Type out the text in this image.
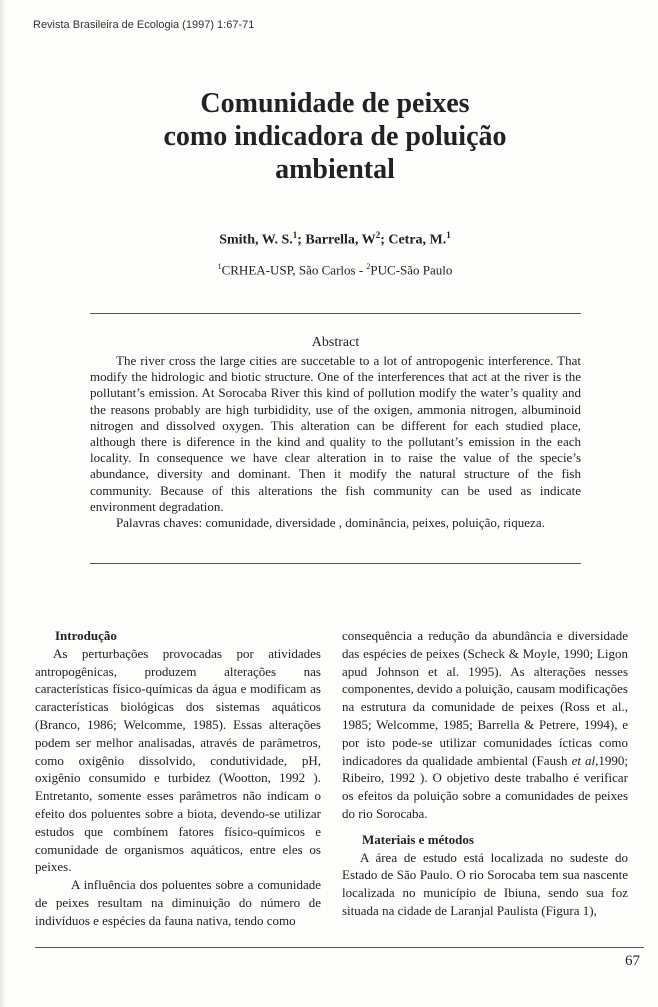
Revista Brasileira de Ecologia (1997) 1:67-71
Comunidade de peixes
como indicadora de poluição
ambiental
Smith, W. S.$^1$; Barrella, $W^2$; Cetra, M.$^1$
$^1$CRHEA-USP, São Carlos - $^2$PUC-São Paulo
Abstract

The river cross the large cities are succetable to a lot of antropogenic interference. That modify the hidrologic and biotic structure. One of the interferences that act at the river is the pollutant’s emission. At Sorocaba River this kind of pollution modify the water’s quality and the reasons probably are high turbididity, use of the oxigen, ammonia nitrogen, albuminoid nitrogen and dissolved oxygen. This alteration can be different for each studied place, although there is diference in the kind and quality to the pollutant’s emission in the each locality. In consequence we have clear alteration in to raise the value of the specie’s abundance, diversity and dominant. Then it modify the natural structure of the fish community. Because of this alterations the fish community can be used as indicate environment degradation.

Palavras chaves: comunidade, diversidade , dominância, peixes, poluição, riqueza.

Introdução

As perturbações provocadas por atividades antropogênicas, produzem alterações nas características físico-químicas da água e modificam as características biológicas dos sistemas aquáticos (Branco, 1986; Welcomme, 1985). Essas alterações podem ser melhor analisadas, através de parâmetros, como oxigênio dissolvido, condutividade, pH, oxigênio consumido e turbidez (Wootton, 1992 ). Entretanto, somente esses parâmetros não indicam o efeito dos poluentes sobre a biota, devendo-se utilizar estudos que combínem fatores físico-químicos e comunidade de organismos aquáticos, entre eles os peixes.

A influência dos poluentes sobre a comunidade de peixes resultam na diminuição do número de indivíduos e espécies da fauna nativa, tendo como

consequência a redução da abundância e diversidade das espécies de peixes (Scheck & Moyle, 1990; Ligon apud Johnson et al. 1995). As alterações nesses componentes, devido a poluição, causam modificações na estrutura da comunidade de peixes (Ross et al., 1985; Welcomme, 1985; Barrella & Petrere, 1994), e por isto pode-se utilizar comunidades ícticas como indicadores da qualidade ambiental (Faush et al,1990; Ribeiro, 1992 ). O objetivo deste trabalho é verificar os efeitos da poluição sobre a comunidades de peixes do rio Sorocaba.

Materiais e métodos

A área de estudo está localizada no sudeste do Estado de São Paulo. O rio Sorocaba tem sua nascente localizada no município de Ibiuna, sendo sua foz situada na cidade de Laranjal Paulista (Figura 1),

67
